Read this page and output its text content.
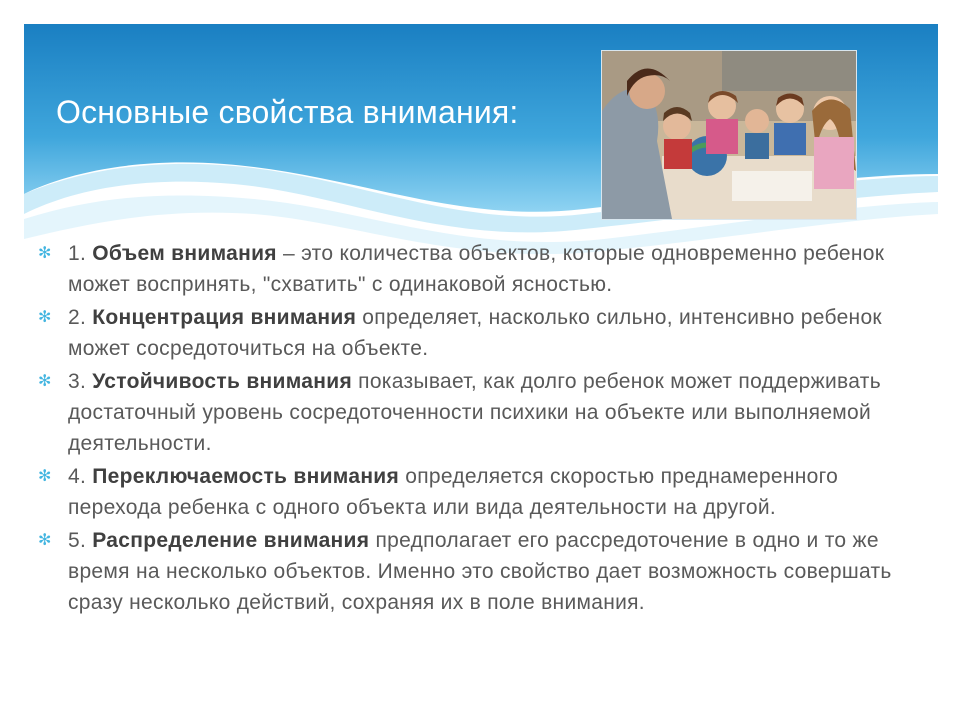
Основные свойства внимания:
✻ 1. Объем внимания – это количества объектов, которые одновременно ребенок может воспринять, "схватить" с одинаковой ясностью.
✻ 2. Концентрация внимания определяет, насколько сильно, интенсивно ребенок может сосредоточиться на объекте.
✻ 3. Устойчивость внимания показывает, как долго ребенок может поддерживать достаточный уровень сосредоточенности психики на объекте или выполняемой деятельности.
✻ 4. Переключаемость внимания определяется скоростью преднамеренного перехода ребенка с одного объекта или вида деятельности на другой.
✻ 5. Распределение внимания предполагает его рассредоточение в одно и то же время на несколько объектов. Именно это свойство дает возможность совершать сразу несколько действий, сохраняя их в поле внимания.
